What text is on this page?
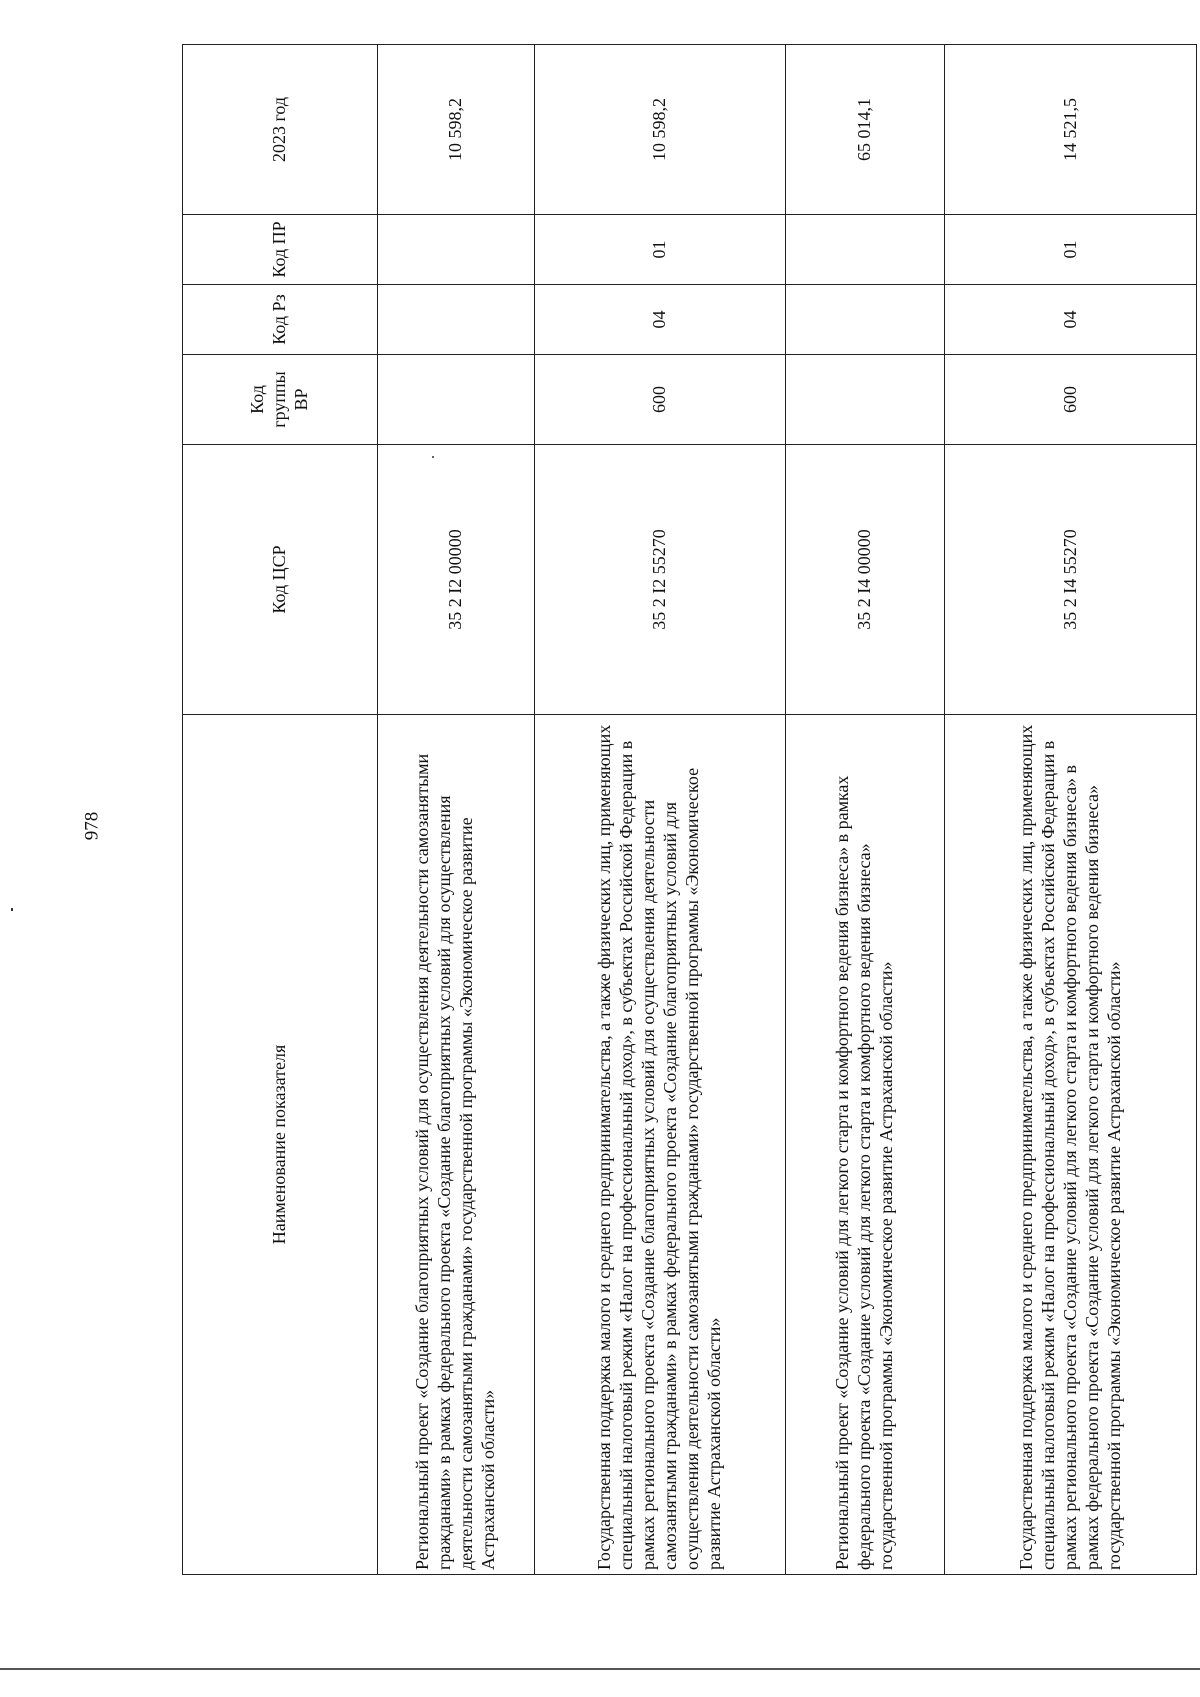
978
Наименование показателя	Код ЦСР	Код группы ВР	Код Рз	Код ПР	2023 год
Региональный проект «Создание благоприятных условий для осуществления деятельности самозанятыми гражданами» в рамках федерального проекта «Создание благоприятных условий для осуществления деятельности самозанятыми гражданами» государственной программы «Экономическое развитие Астраханской области»	35 2 I2 00000				10 598,2
Государственная поддержка малого и среднего предпринимательства, а также физических лиц, применяющих специальный налоговый режим «Налог на профессиональный доход», в субъектах Российской Федерации в рамках регионального проекта «Создание благоприятных условий для осуществления деятельности самозанятыми гражданами» в рамках федерального проекта «Создание благоприятных условий для осуществления деятельности самозанятыми гражданами» государственной программы «Экономическое развитие Астраханской области»	35 2 I2 55270	600	04	01	10 598,2
Региональный проект «Создание условий для легкого старта и комфортного ведения бизнеса» в рамках федерального проекта «Создание условий для легкого старта и комфортного ведения бизнеса» государственной программы «Экономическое развитие Астраханской области»	35 2 I4 00000				65 014,1
Государственная поддержка малого и среднего предпринимательства, а также физических лиц, применяющих специальный налоговый режим «Налог на профессиональный доход», в субъектах Российской Федерации в рамках регионального проекта «Создание условий для легкого старта и комфортного ведения бизнеса» в рамках федерального проекта «Создание условий для легкого старта и комфортного ведения бизнеса» государственной программы «Экономическое развитие Астраханской области»	35 2 I4 55270	600	04	01	14 521,5
